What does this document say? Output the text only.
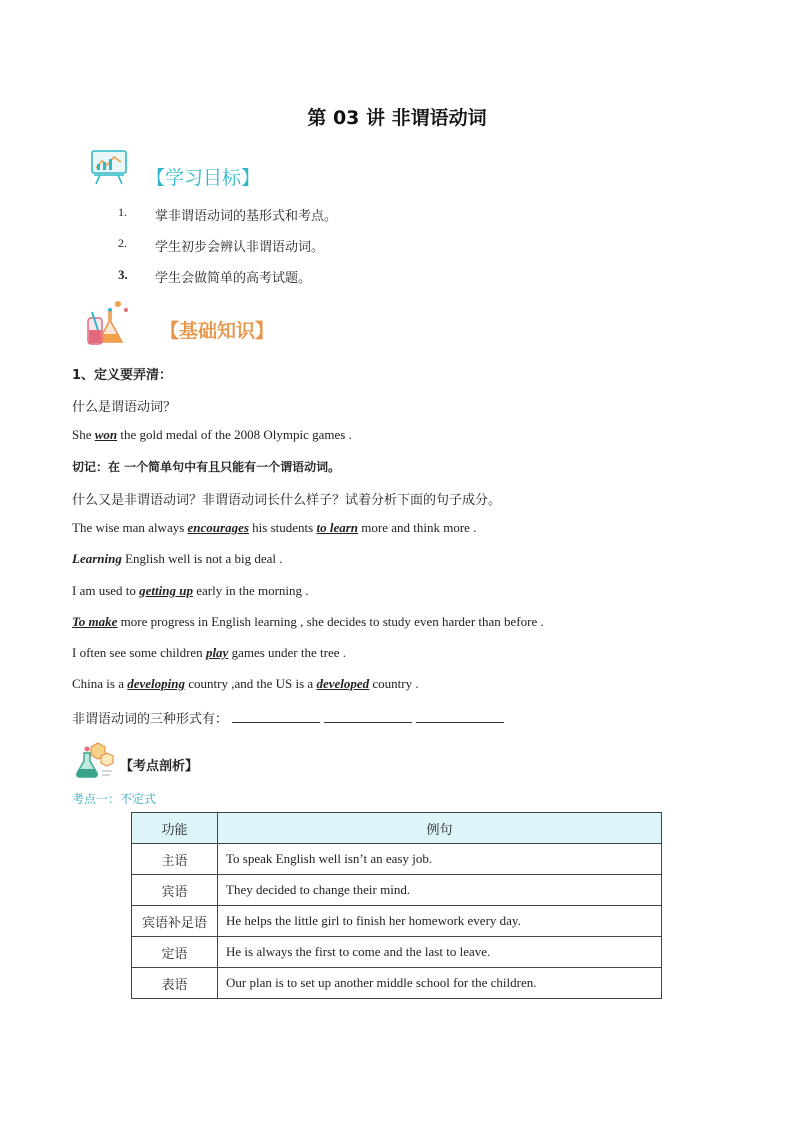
第 03 讲 非谓语动词
【学习目标】
1. 掌非谓语动词的基形式和考点。
2. 学生初步会辨认非谓语动词。
3. 学生会做简单的高考试题。
【基础知识】
1、定义要弄清：
什么是谓语动词？
She won the gold medal of the 2008 Olympic games .
切记：在 一个简单句中有且只能有一个谓语动词。
什么又是非谓语动词？非谓语动词长什么样子？试着分析下面的句子成分。
The wise man always encourages his students to learn more and think more .
Learning English well is not a big deal .
I am used to getting up early in the morning .
To make more progress in English learning , she decides to study even harder than before .
I often see some children play games under the tree .
China is a developing country ,and the US is a developed country .
非谓语动词的三种形式有：
【考点剖析】
考点一：不定式
功能	例句
主语	To speak English well isn’t an easy job.
宾语	They decided to change their mind.
宾语补足语	He helps the little girl to finish her homework every day.
定语	He is always the first to come and the last to leave.
表语	Our plan is to set up another middle school for the children.
